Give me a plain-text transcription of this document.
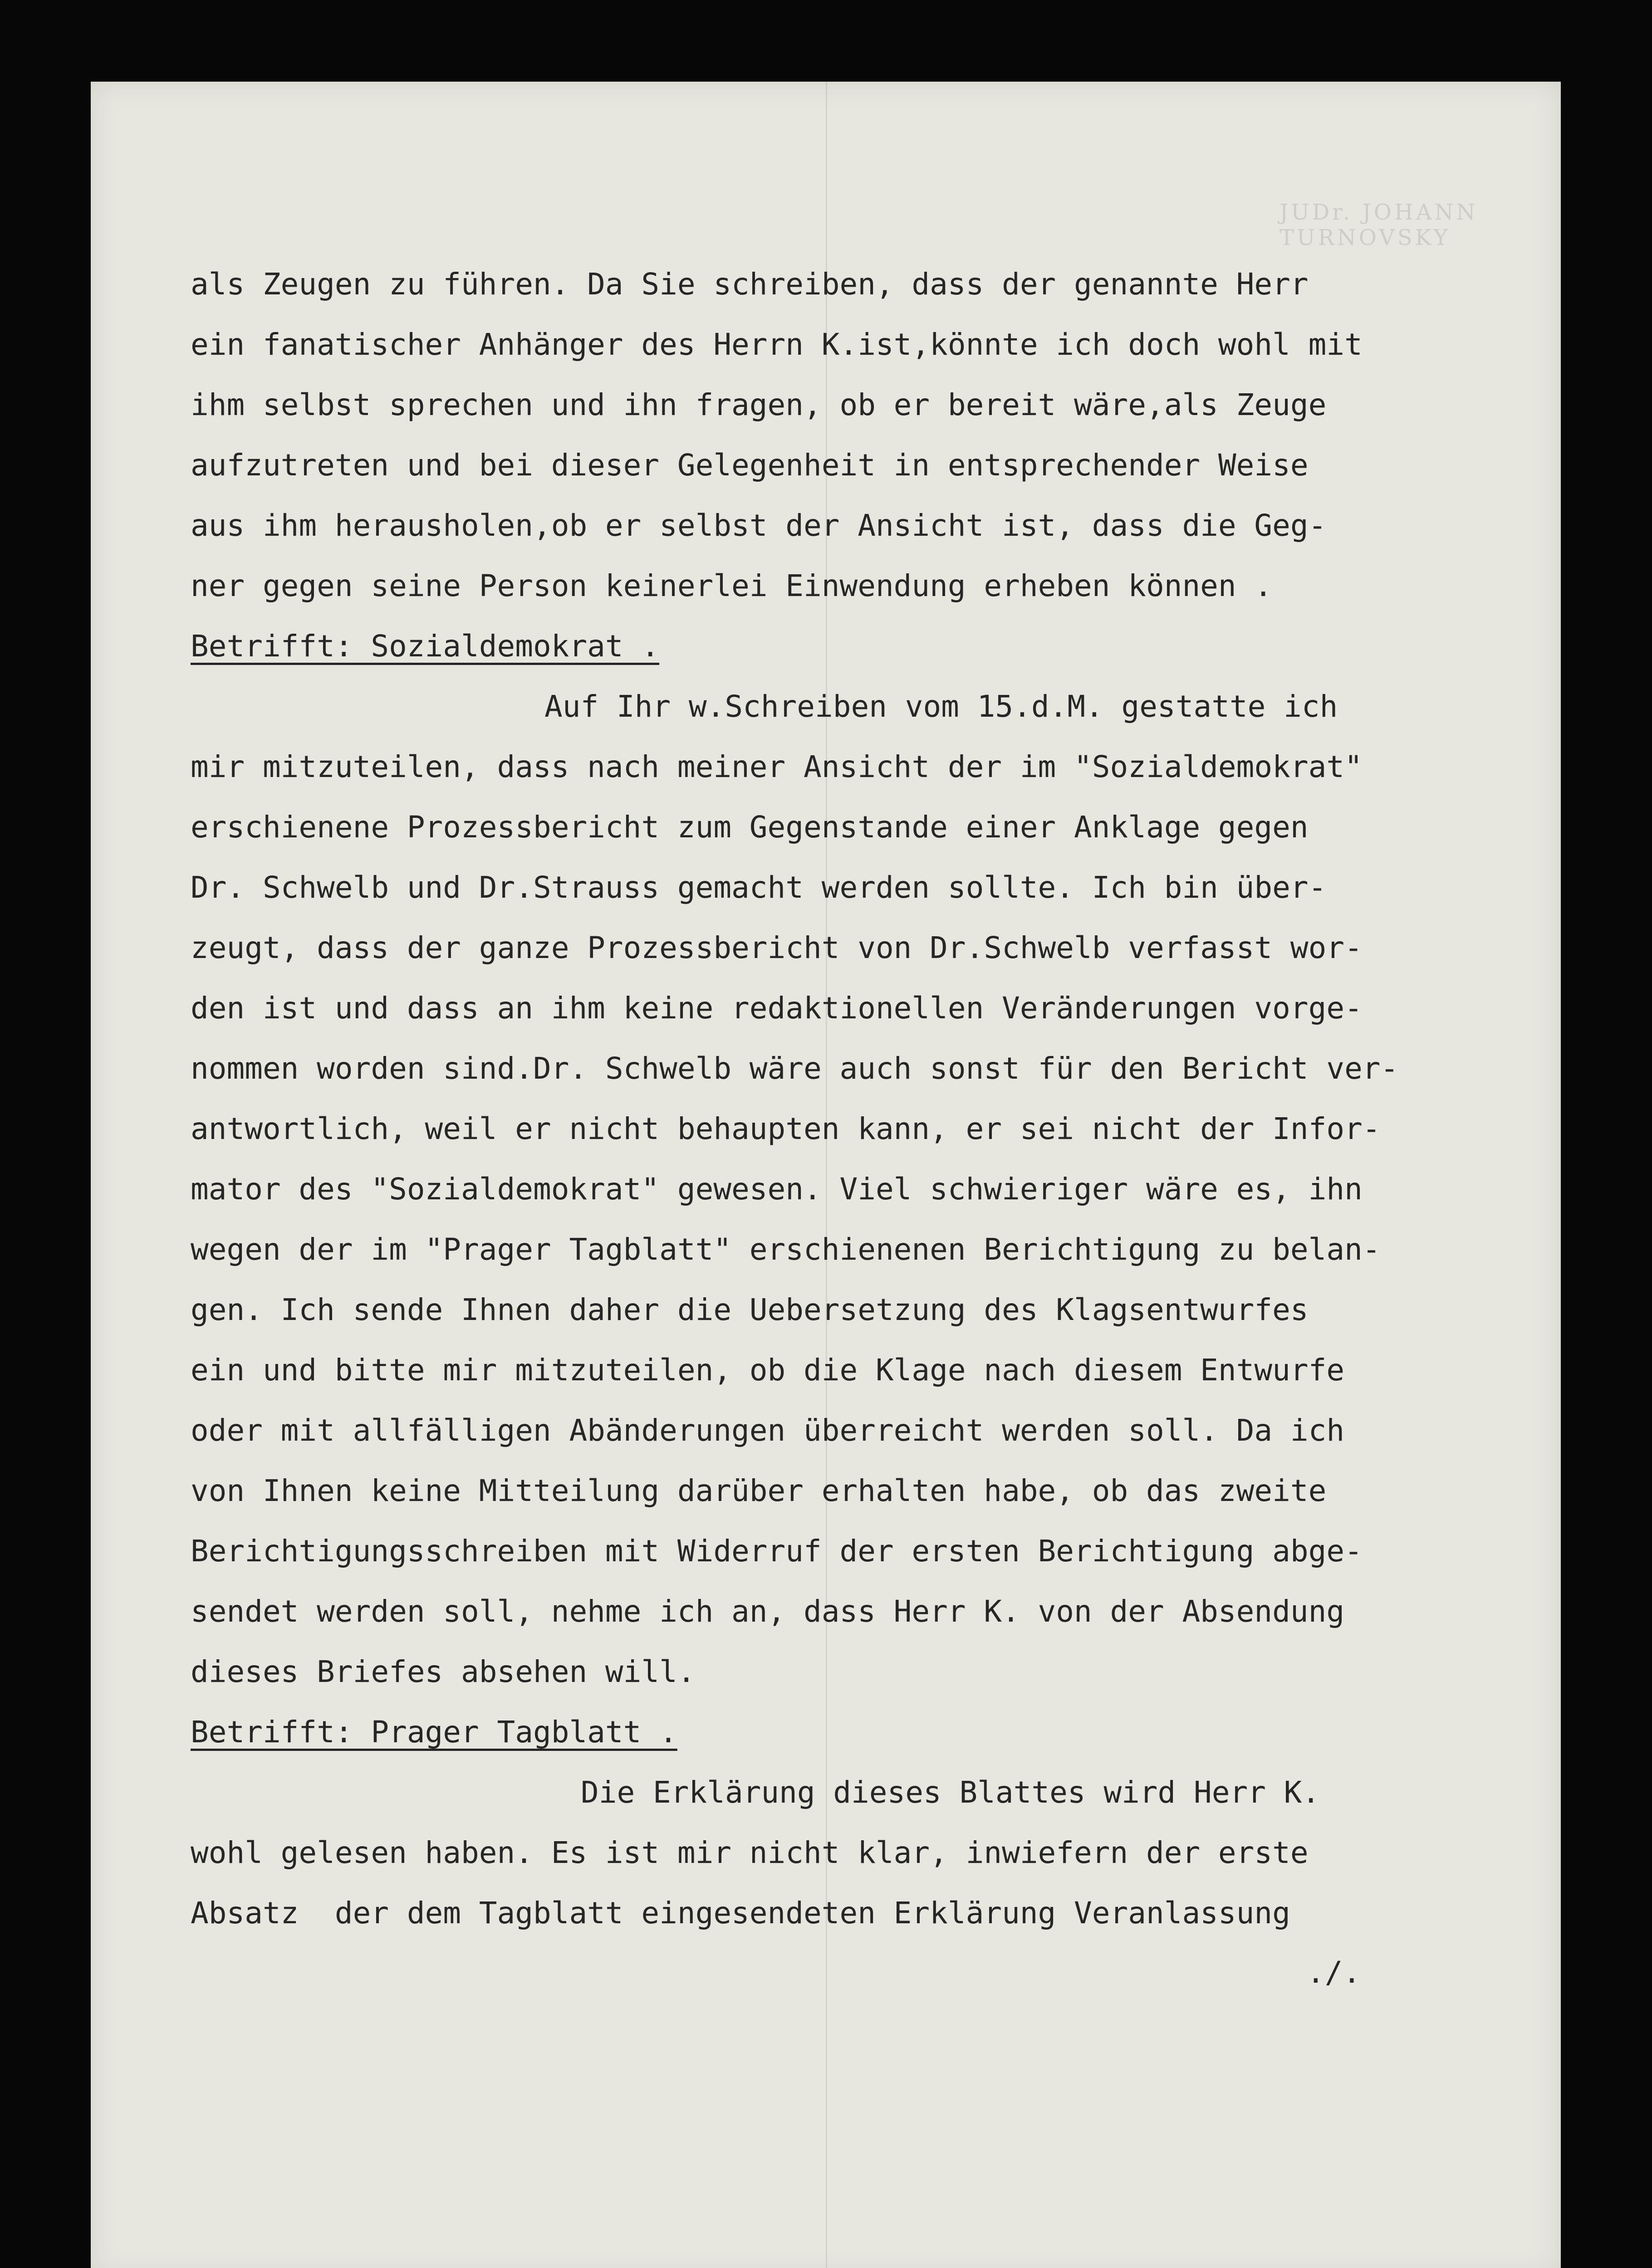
JUDr. JOHANN TURNOVSKY
als Zeugen zu führen. Da Sie schreiben, dass der genannte Herr
ein fanatischer Anhänger des Herrn K.ist,könnte ich doch wohl mit
ihm selbst sprechen und ihn fragen, ob er bereit wäre,als Zeuge
aufzutreten und bei dieser Gelegenheit in entsprechender Weise
aus ihm herausholen,ob er selbst der Ansicht ist, dass die Geg-
ner gegen seine Person keinerlei Einwendung erheben können .
Betrifft: Sozialdemokrat .
Auf Ihr w.Schreiben vom 15.d.M. gestatte ich
mir mitzuteilen, dass nach meiner Ansicht der im "Sozialdemokrat"
erschienene Prozessbericht zum Gegenstande einer Anklage gegen
Dr. Schwelb und Dr.Strauss gemacht werden sollte. Ich bin über-
zeugt, dass der ganze Prozessbericht von Dr.Schwelb verfasst wor-
den ist und dass an ihm keine redaktionellen Veränderungen vorge-
nommen worden sind.Dr. Schwelb wäre auch sonst für den Bericht ver-
antwortlich, weil er nicht behaupten kann, er sei nicht der Infor-
mator des "Sozialdemokrat" gewesen. Viel schwieriger wäre es, ihn
wegen der im "Prager Tagblatt" erschienenen Berichtigung zu belan-
gen. Ich sende Ihnen daher die Uebersetzung des Klagsentwurfes
ein und bitte mir mitzuteilen, ob die Klage nach diesem Entwurfe
oder mit allfälligen Abänderungen überreicht werden soll. Da ich
von Ihnen keine Mitteilung darüber erhalten habe, ob das zweite
Berichtigungsschreiben mit Widerruf der ersten Berichtigung abge-
sendet werden soll, nehme ich an, dass Herr K. von der Absendung
dieses Briefes absehen will.
Betrifft: Prager Tagblatt .
Die Erklärung dieses Blattes wird Herr K.
wohl gelesen haben. Es ist mir nicht klar, inwiefern der erste
Absatz  der dem Tagblatt eingesendeten Erklärung Veranlassung
./.
